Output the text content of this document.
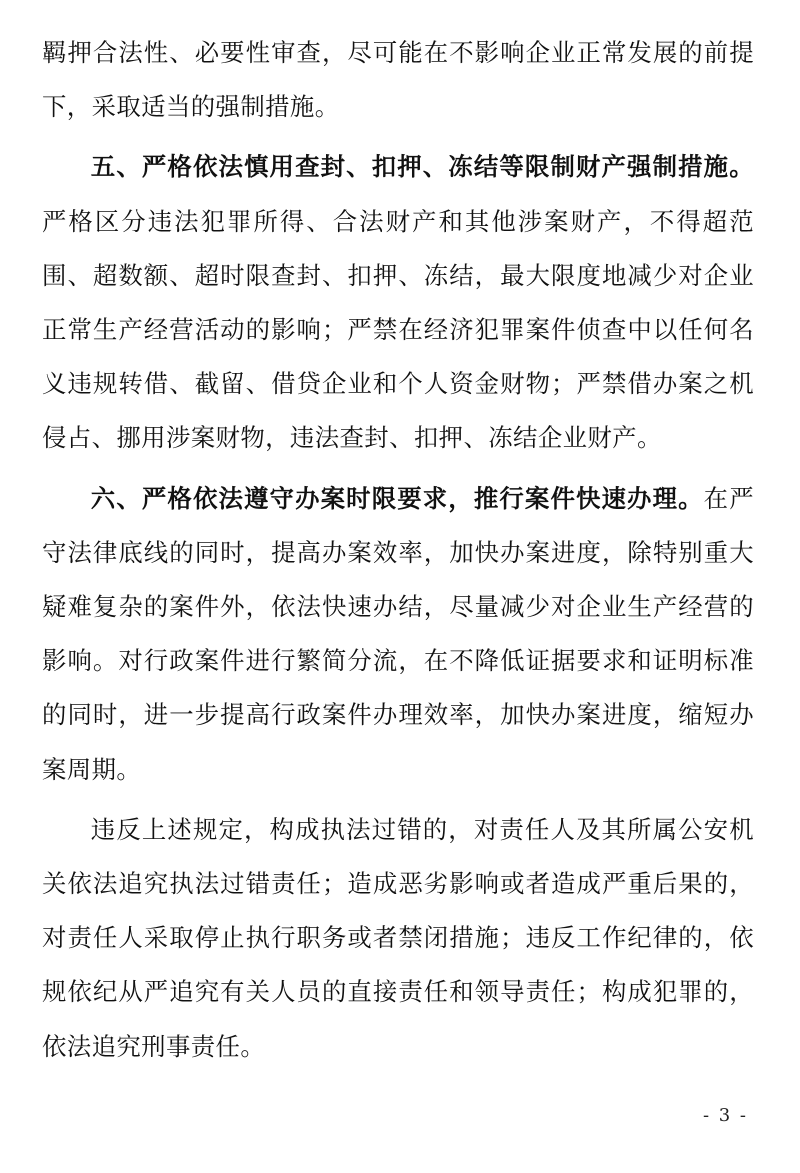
羁押合法性、必要性审查，尽可能在不影响企业正常发展的前提下，采取适当的强制措施。

五、严格依法慎用查封、扣押、冻结等限制财产强制措施。严格区分违法犯罪所得、合法财产和其他涉案财产，不得超范围、超数额、超时限查封、扣押、冻结，最大限度地减少对企业正常生产经营活动的影响；严禁在经济犯罪案件侦查中以任何名义违规转借、截留、借贷企业和个人资金财物；严禁借办案之机侵占、挪用涉案财物，违法查封、扣押、冻结企业财产。

六、严格依法遵守办案时限要求，推行案件快速办理。在严守法律底线的同时，提高办案效率，加快办案进度，除特别重大疑难复杂的案件外，依法快速办结，尽量减少对企业生产经营的影响。对行政案件进行繁简分流，在不降低证据要求和证明标准的同时，进一步提高行政案件办理效率，加快办案进度，缩短办案周期。

违反上述规定，构成执法过错的，对责任人及其所属公安机关依法追究执法过错责任；造成恶劣影响或者造成严重后果的，对责任人采取停止执行职务或者禁闭措施；违反工作纪律的，依规依纪从严追究有关人员的直接责任和领导责任；构成犯罪的，依法追究刑事责任。

- 3 -
